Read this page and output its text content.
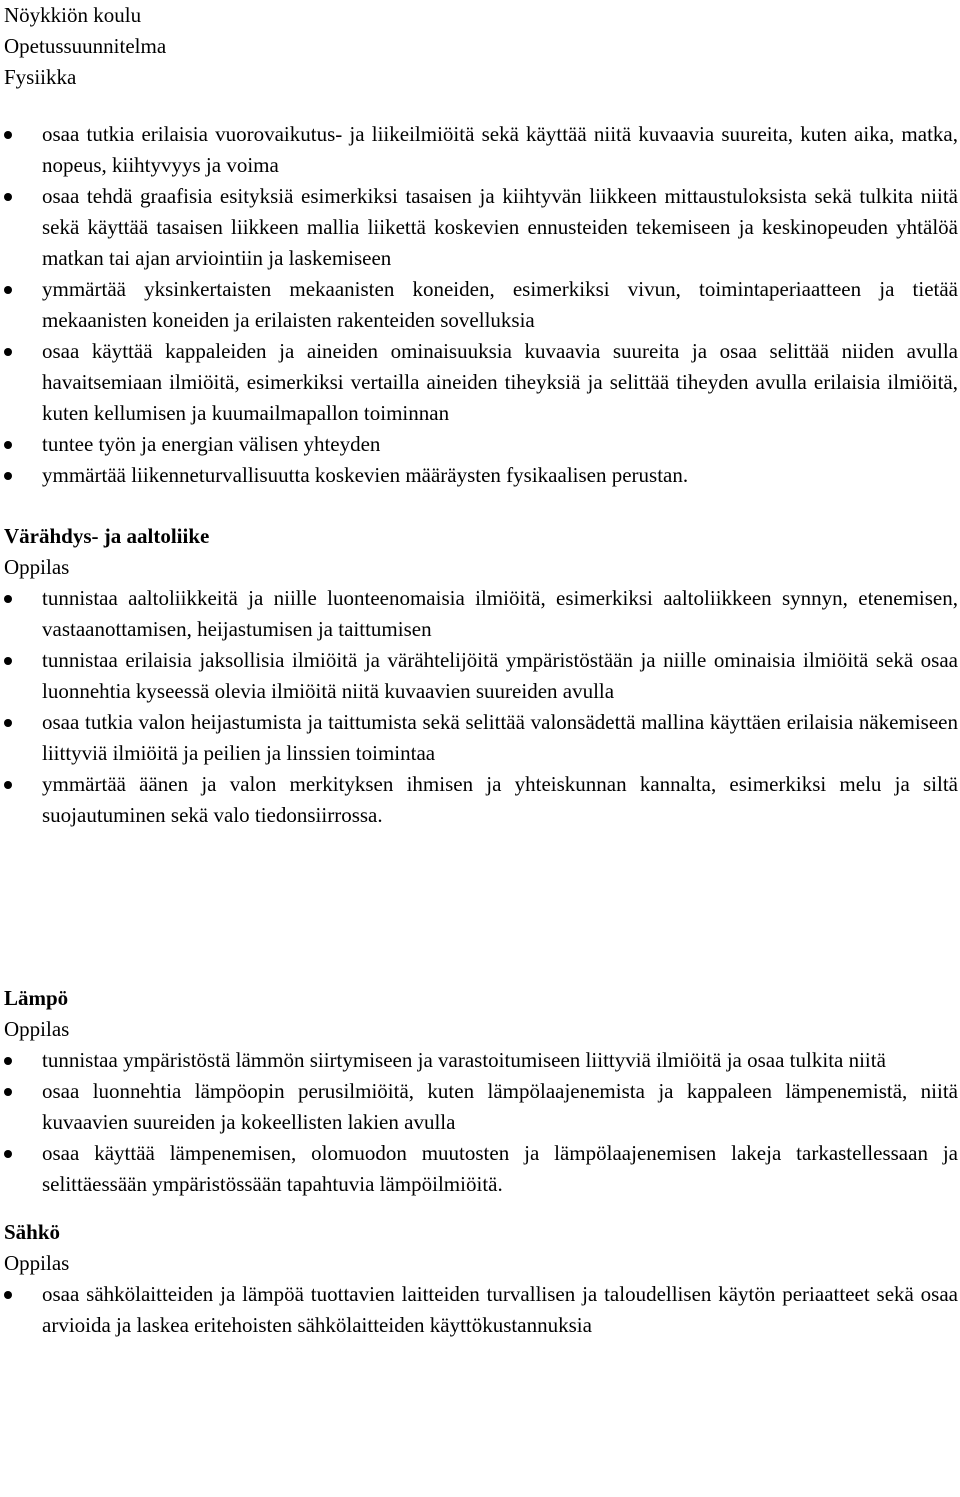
Nöykkiön koulu

Opetussuunnitelma

Fysiikka

osaa tutkia erilaisia vuorovaikutus- ja liikeilmiöitä sekä käyttää niitä kuvaavia suureita, kuten aika, matka, nopeus, kiihtyvyys ja voima
osaa tehdä graafisia esityksiä esimerkiksi tasaisen ja kiihtyvän liikkeen mittaustuloksista sekä tulkita niitä sekä käyttää tasaisen liikkeen mallia liikettä koskevien ennusteiden tekemiseen ja keskinopeuden yhtälöä matkan tai ajan arviointiin ja laskemiseen
ymmärtää yksinkertaisten mekaanisten koneiden, esimerkiksi vivun, toimintaperiaatteen ja tietää mekaanisten koneiden ja erilaisten rakenteiden sovelluksia
osaa käyttää kappaleiden ja aineiden ominaisuuksia kuvaavia suureita ja osaa selittää niiden avulla havaitsemiaan ilmiöitä, esimerkiksi vertailla aineiden tiheyksiä ja selittää tiheyden avulla erilaisia ilmiöitä, kuten kellumisen ja kuumailmapallon toiminnan
tuntee työn ja energian välisen yhteyden
ymmärtää liikenneturvallisuutta koskevien määräysten fysikaalisen perustan.

Värähdys- ja aaltoliike

Oppilas

tunnistaa aaltoliikkeitä ja niille luonteenomaisia ilmiöitä, esimerkiksi aaltoliikkeen synnyn, etenemisen, vastaanottamisen, heijastumisen ja taittumisen
tunnistaa erilaisia jaksollisia ilmiöitä ja värähtelijöitä ympäristöstään ja niille ominaisia ilmiöitä sekä osaa luonnehtia kyseessä olevia ilmiöitä niitä kuvaavien suureiden avulla
osaa tutkia valon heijastumista ja taittumista sekä selittää valonsädettä mallina käyttäen erilaisia näkemiseen liittyviä ilmiöitä ja peilien ja linssien toimintaa
ymmärtää äänen ja valon merkityksen ihmisen ja yhteiskunnan kannalta, esimerkiksi melu ja siltä suojautuminen sekä valo tiedonsiirrossa.

Lämpö

Oppilas

tunnistaa ympäristöstä lämmön siirtymiseen ja varastoitumiseen liittyviä ilmiöitä ja osaa tulkita niitä
osaa luonnehtia lämpöopin perusilmiöitä, kuten lämpölaajenemista ja kappaleen lämpenemistä, niitä kuvaavien suureiden ja kokeellisten lakien avulla
osaa käyttää lämpenemisen, olomuodon muutosten ja lämpölaajenemisen lakeja tarkastellessaan ja selittäessään ympäristössään tapahtuvia lämpöilmiöitä.

Sähkö

Oppilas

osaa sähkölaitteiden ja lämpöä tuottavien laitteiden turvallisen ja taloudellisen käytön periaatteet sekä osaa arvioida ja laskea eritehoisten sähkölaitteiden käyttökustannuksia
